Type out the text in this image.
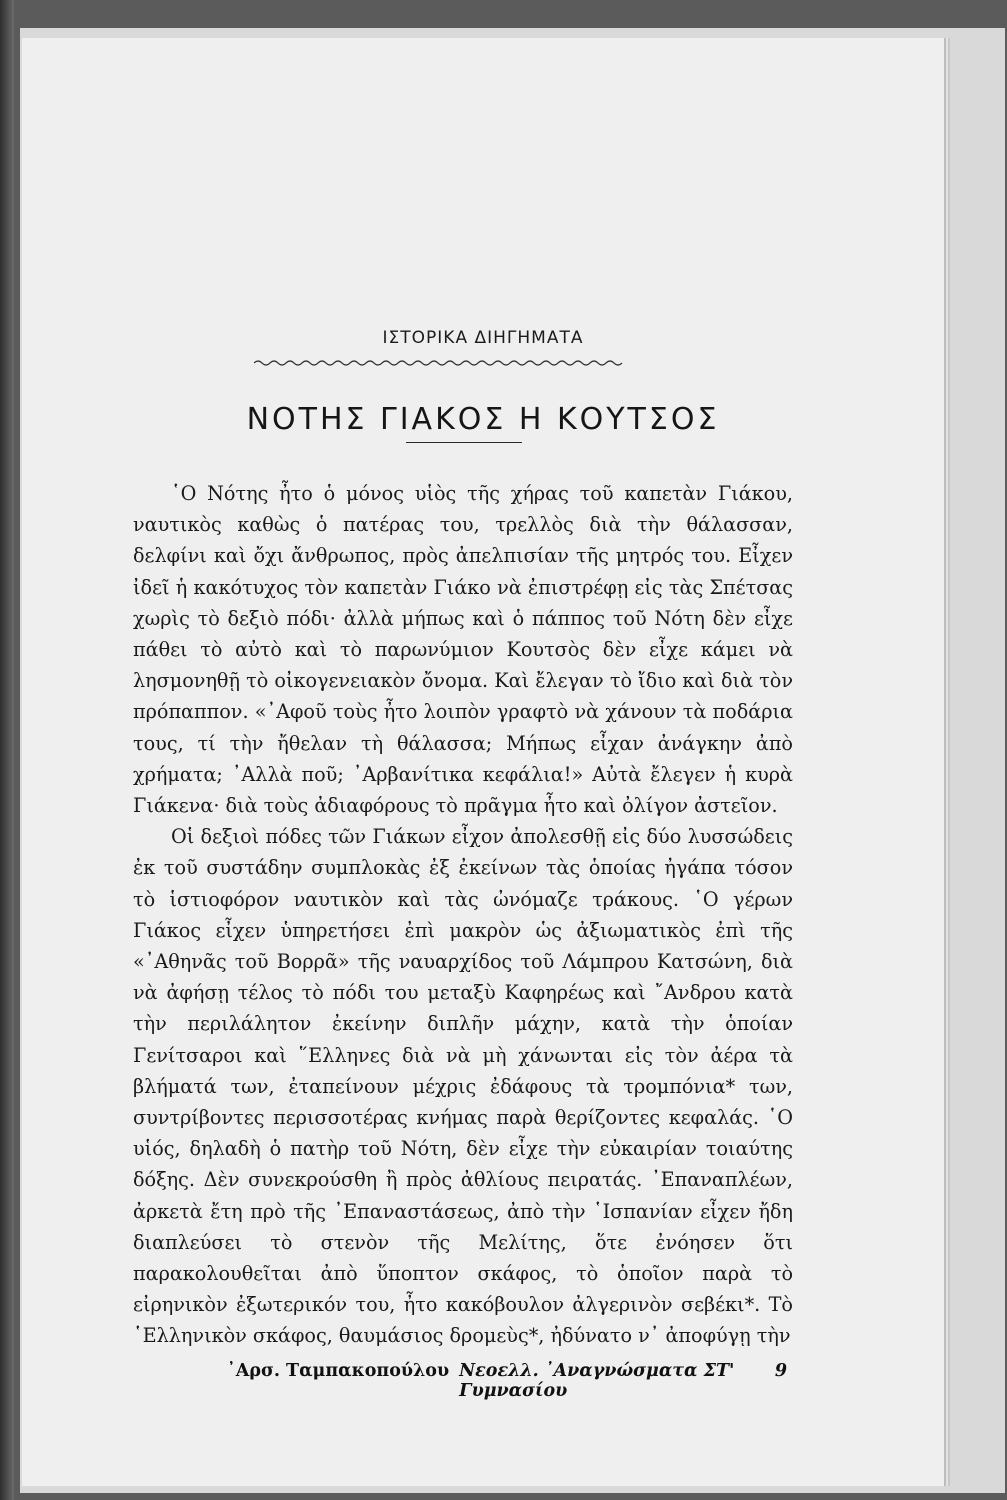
ΙΣΤΟΡΙΚΑ ΔΙΗΓΗΜΑΤΑ
ΝΟΤΗΣ ΓΙΑΚΟΣ Η ΚΟΥΤΣΟΣ

῾Ο Νότης ἦτο ὁ μόνος υἱὸς τῆς χήρας τοῦ καπετὰν Γιάκου, ναυτικὸς καθὼς ὁ πατέρας του, τρελλὸς διὰ τὴν θάλασσαν, δελφίνι καὶ ὄχι ἄνθρωπος, πρὸς ἀπελπισίαν τῆς μητρός του. Εἶχεν ἰδεῖ ἡ κακότυχος τὸν καπετὰν Γιάκο νὰ ἐπιστρέφῃ εἰς τὰς Σπέτσας χωρὶς τὸ δεξιὸ πόδι· ἀλλὰ μήπως καὶ ὁ πάππος τοῦ Νότη δὲν εἶχε πάθει τὸ αὐτὸ καὶ τὸ παρωνύμιον Κουτσὸς δὲν εἶχε κάμει νὰ λησμονηθῇ τὸ οἰκογενειακὸν ὄνομα. Καὶ ἔλεγαν τὸ ἴδιο καὶ διὰ τὸν πρόπαππον. «᾿Αφοῦ τοὺς ἦτο λοιπὸν γραφτὸ νὰ χάνουν τὰ ποδάρια τους, τί τὴν ἤθελαν τὴ θάλασσα; Μήπως εἶχαν ἀνάγκην ἀπὸ χρήματα; ᾿Αλλὰ ποῦ; ᾿Αρβανίτικα κεφάλια!» Αὐτὰ ἔλεγεν ἡ κυρὰ Γιάκενα· διὰ τοὺς ἀδιαφόρους τὸ πρᾶγμα ἦτο καὶ ὀλίγον ἀστεῖον.

Οἱ δεξιοὶ πόδες τῶν Γιάκων εἶχον ἀπολεσθῇ εἰς δύο λυσσώδεις ἐκ τοῦ συστάδην συμπλοκὰς ἐξ ἐκείνων τὰς ὁποίας ἠγάπα τόσον τὸ ἱστιοφόρον ναυτικὸν καὶ τὰς ὠνόμαζε τράκους. ῾Ο γέρων Γιάκος εἶχεν ὑπηρετήσει ἐπὶ μακρὸν ὡς ἀξιωματικὸς ἐπὶ τῆς «᾿Αθηνᾶς τοῦ Βορρᾶ» τῆς ναυαρχίδος τοῦ Λάμπρου Κατσώνη, διὰ νὰ ἀφήσῃ τέλος τὸ πόδι του μεταξὺ Καφηρέως καὶ ῎Ανδρου κατὰ τὴν περιλάλητον ἐκείνην διπλῆν μάχην, κατὰ τὴν ὁποίαν Γενίτσαροι καὶ ῞Ελληνες διὰ νὰ μὴ χάνωνται εἰς τὸν ἀέρα τὰ βλήματά των, ἐταπείνουν μέχρις ἐδάφους τὰ τρομπόνια* των, συντρίβοντες περισσοτέρας κνήμας παρὰ θερίζοντες κεφαλάς. ῾Ο υἱός, δηλαδὴ ὁ πατὴρ τοῦ Νότη, δὲν εἶχε τὴν εὐκαιρίαν τοιαύτης δόξης. Δὲν συνεκρούσθη ἢ πρὸς ἀθλίους πειρατάς. ᾿Επαναπλέων, ἀρκετὰ ἔτη πρὸ τῆς ᾿Επαναστάσεως, ἀπὸ τὴν ῾Ισπανίαν εἶχεν ἤδη διαπλεύσει τὸ στενὸν τῆς Μελίτης, ὅτε ἐνόησεν ὅτι παρακολουθεῖται ἀπὸ ὕποπτον σκάφος, τὸ ὁποῖον παρὰ τὸ εἰρηνικὸν ἐξωτερικόν του, ἦτο κακόβουλον ἀλγερινὸν σεβέκι*. Τὸ ῾Ελληνικὸν σκάφος, θαυμάσιος δρομεὺς*, ἠδύνατο ν᾿ ἀποφύγῃ τὴν

᾿Αρσ. Ταμπακοπούλου Νεοελλ. ᾿Αναγνώσματα ΣΤ' Γυμνασίου
9
